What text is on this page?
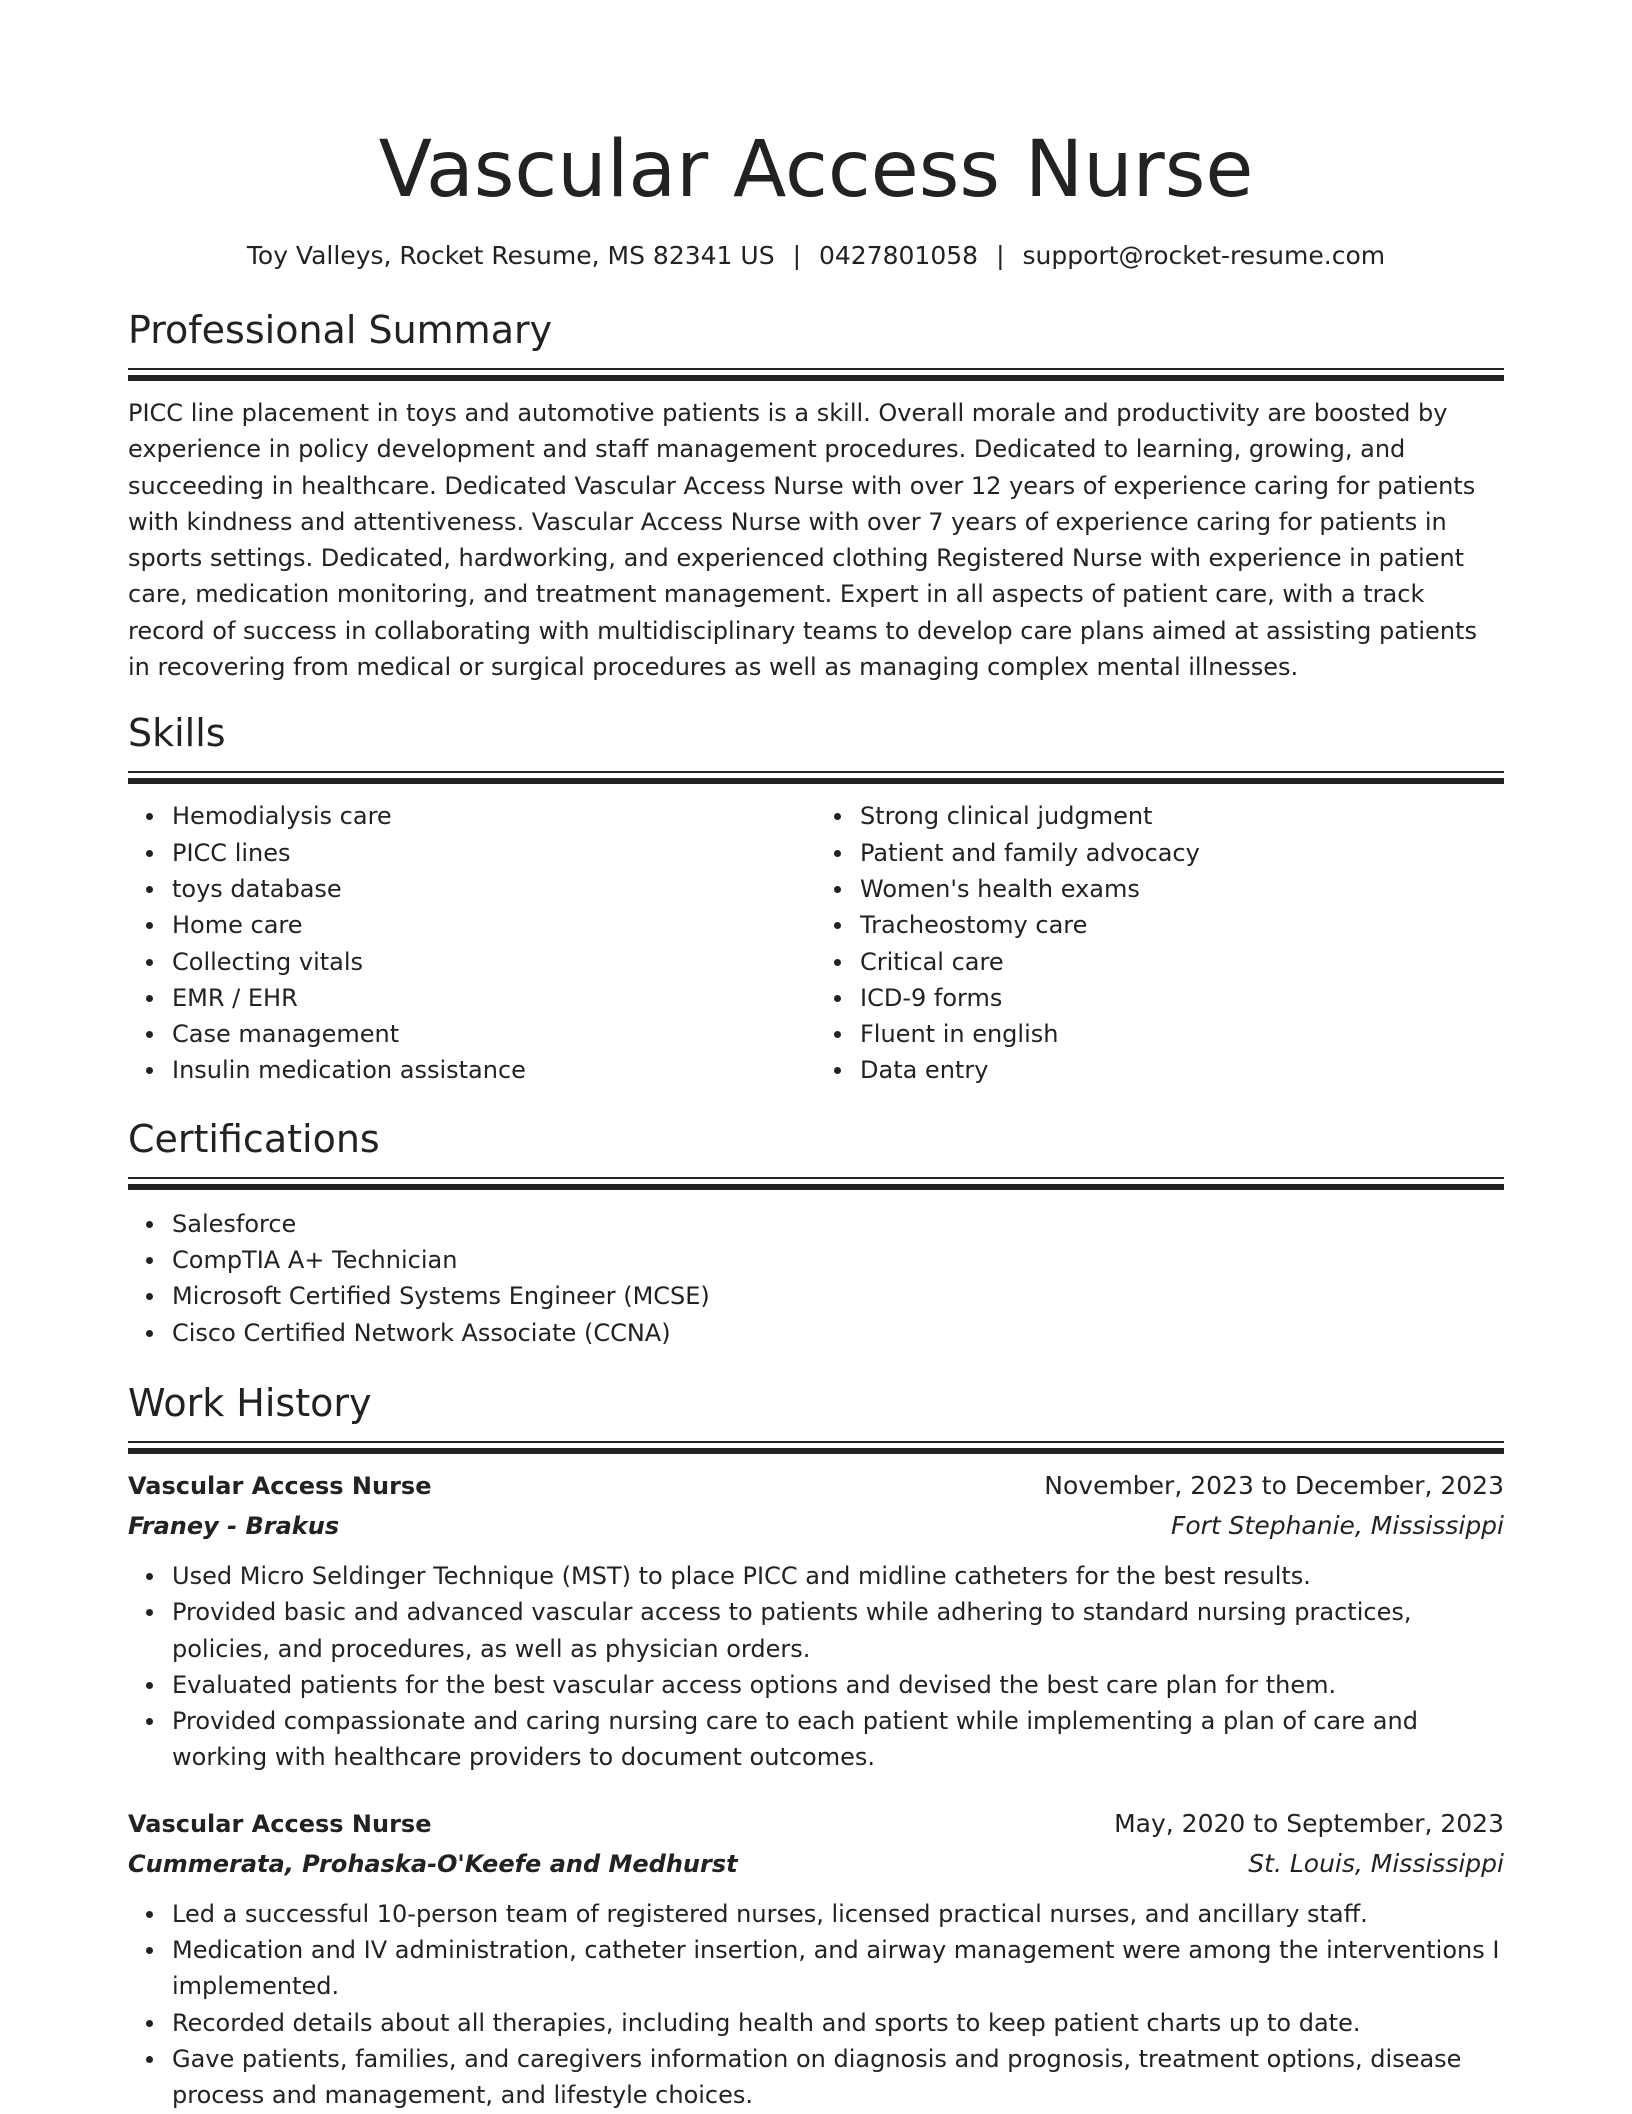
Vascular Access Nurse
Toy Valleys, Rocket Resume, MS 82341 US | 0427801058 | support@rocket-resume.com
Professional Summary
PICC line placement in toys and automotive patients is a skill. Overall morale and productivity are boosted by experience in policy development and staff management procedures. Dedicated to learning, growing, and succeeding in healthcare. Dedicated Vascular Access Nurse with over 12 years of experience caring for patients with kindness and attentiveness. Vascular Access Nurse with over 7 years of experience caring for patients in sports settings. Dedicated, hardworking, and experienced clothing Registered Nurse with experience in patient care, medication monitoring, and treatment management. Expert in all aspects of patient care, with a track record of success in collaborating with multidisciplinary teams to develop care plans aimed at assisting patients in recovering from medical or surgical procedures as well as managing complex mental illnesses.
Skills
Hemodialysis care
PICC lines
toys database
Home care
Collecting vitals
EMR / EHR
Case management
Insulin medication assistance
Strong clinical judgment
Patient and family advocacy
Women's health exams
Tracheostomy care
Critical care
ICD-9 forms
Fluent in english
Data entry
Certifications
Salesforce
CompTIA A+ Technician
Microsoft Certified Systems Engineer (MCSE)
Cisco Certified Network Associate (CCNA)
Work History
Vascular Access Nurse	November, 2023 to December, 2023
Franey - Brakus	Fort Stephanie, Mississippi
Used Micro Seldinger Technique (MST) to place PICC and midline catheters for the best results.
Provided basic and advanced vascular access to patients while adhering to standard nursing practices, policies, and procedures, as well as physician orders.
Evaluated patients for the best vascular access options and devised the best care plan for them.
Provided compassionate and caring nursing care to each patient while implementing a plan of care and working with healthcare providers to document outcomes.
Vascular Access Nurse	May, 2020 to September, 2023
Cummerata, Prohaska-O'Keefe and Medhurst	St. Louis, Mississippi
Led a successful 10-person team of registered nurses, licensed practical nurses, and ancillary staff.
Medication and IV administration, catheter insertion, and airway management were among the interventions I implemented.
Recorded details about all therapies, including health and sports to keep patient charts up to date.
Gave patients, families, and caregivers information on diagnosis and prognosis, treatment options, disease process and management, and lifestyle choices.
